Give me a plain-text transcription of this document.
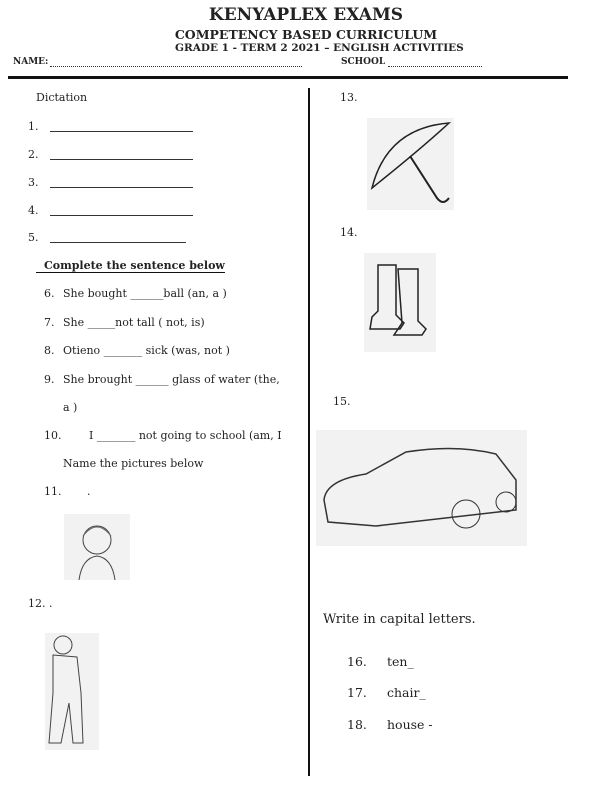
KENYAPLEX EXAMS
COMPETENCY BASED CURRICULUM
GRADE 1 - TERM 2 2021 – ENGLISH ACTIVITIES
NAME:	SCHOOL
Dictation
1.
2.
3.
4.
5.
Complete the sentence below
6. She bought ______ball (an, a )
7. She _____not tall ( not, is)
8. Otieno _______ sick (was, not )
9. She brought ______ glass of water (the,
a )
10.	I _______ not going to school (am, I
Name the pictures below
11. .
12. .
13.
14.
15.
Write in capital letters.
16. ten_
17. chair_
18. house -
